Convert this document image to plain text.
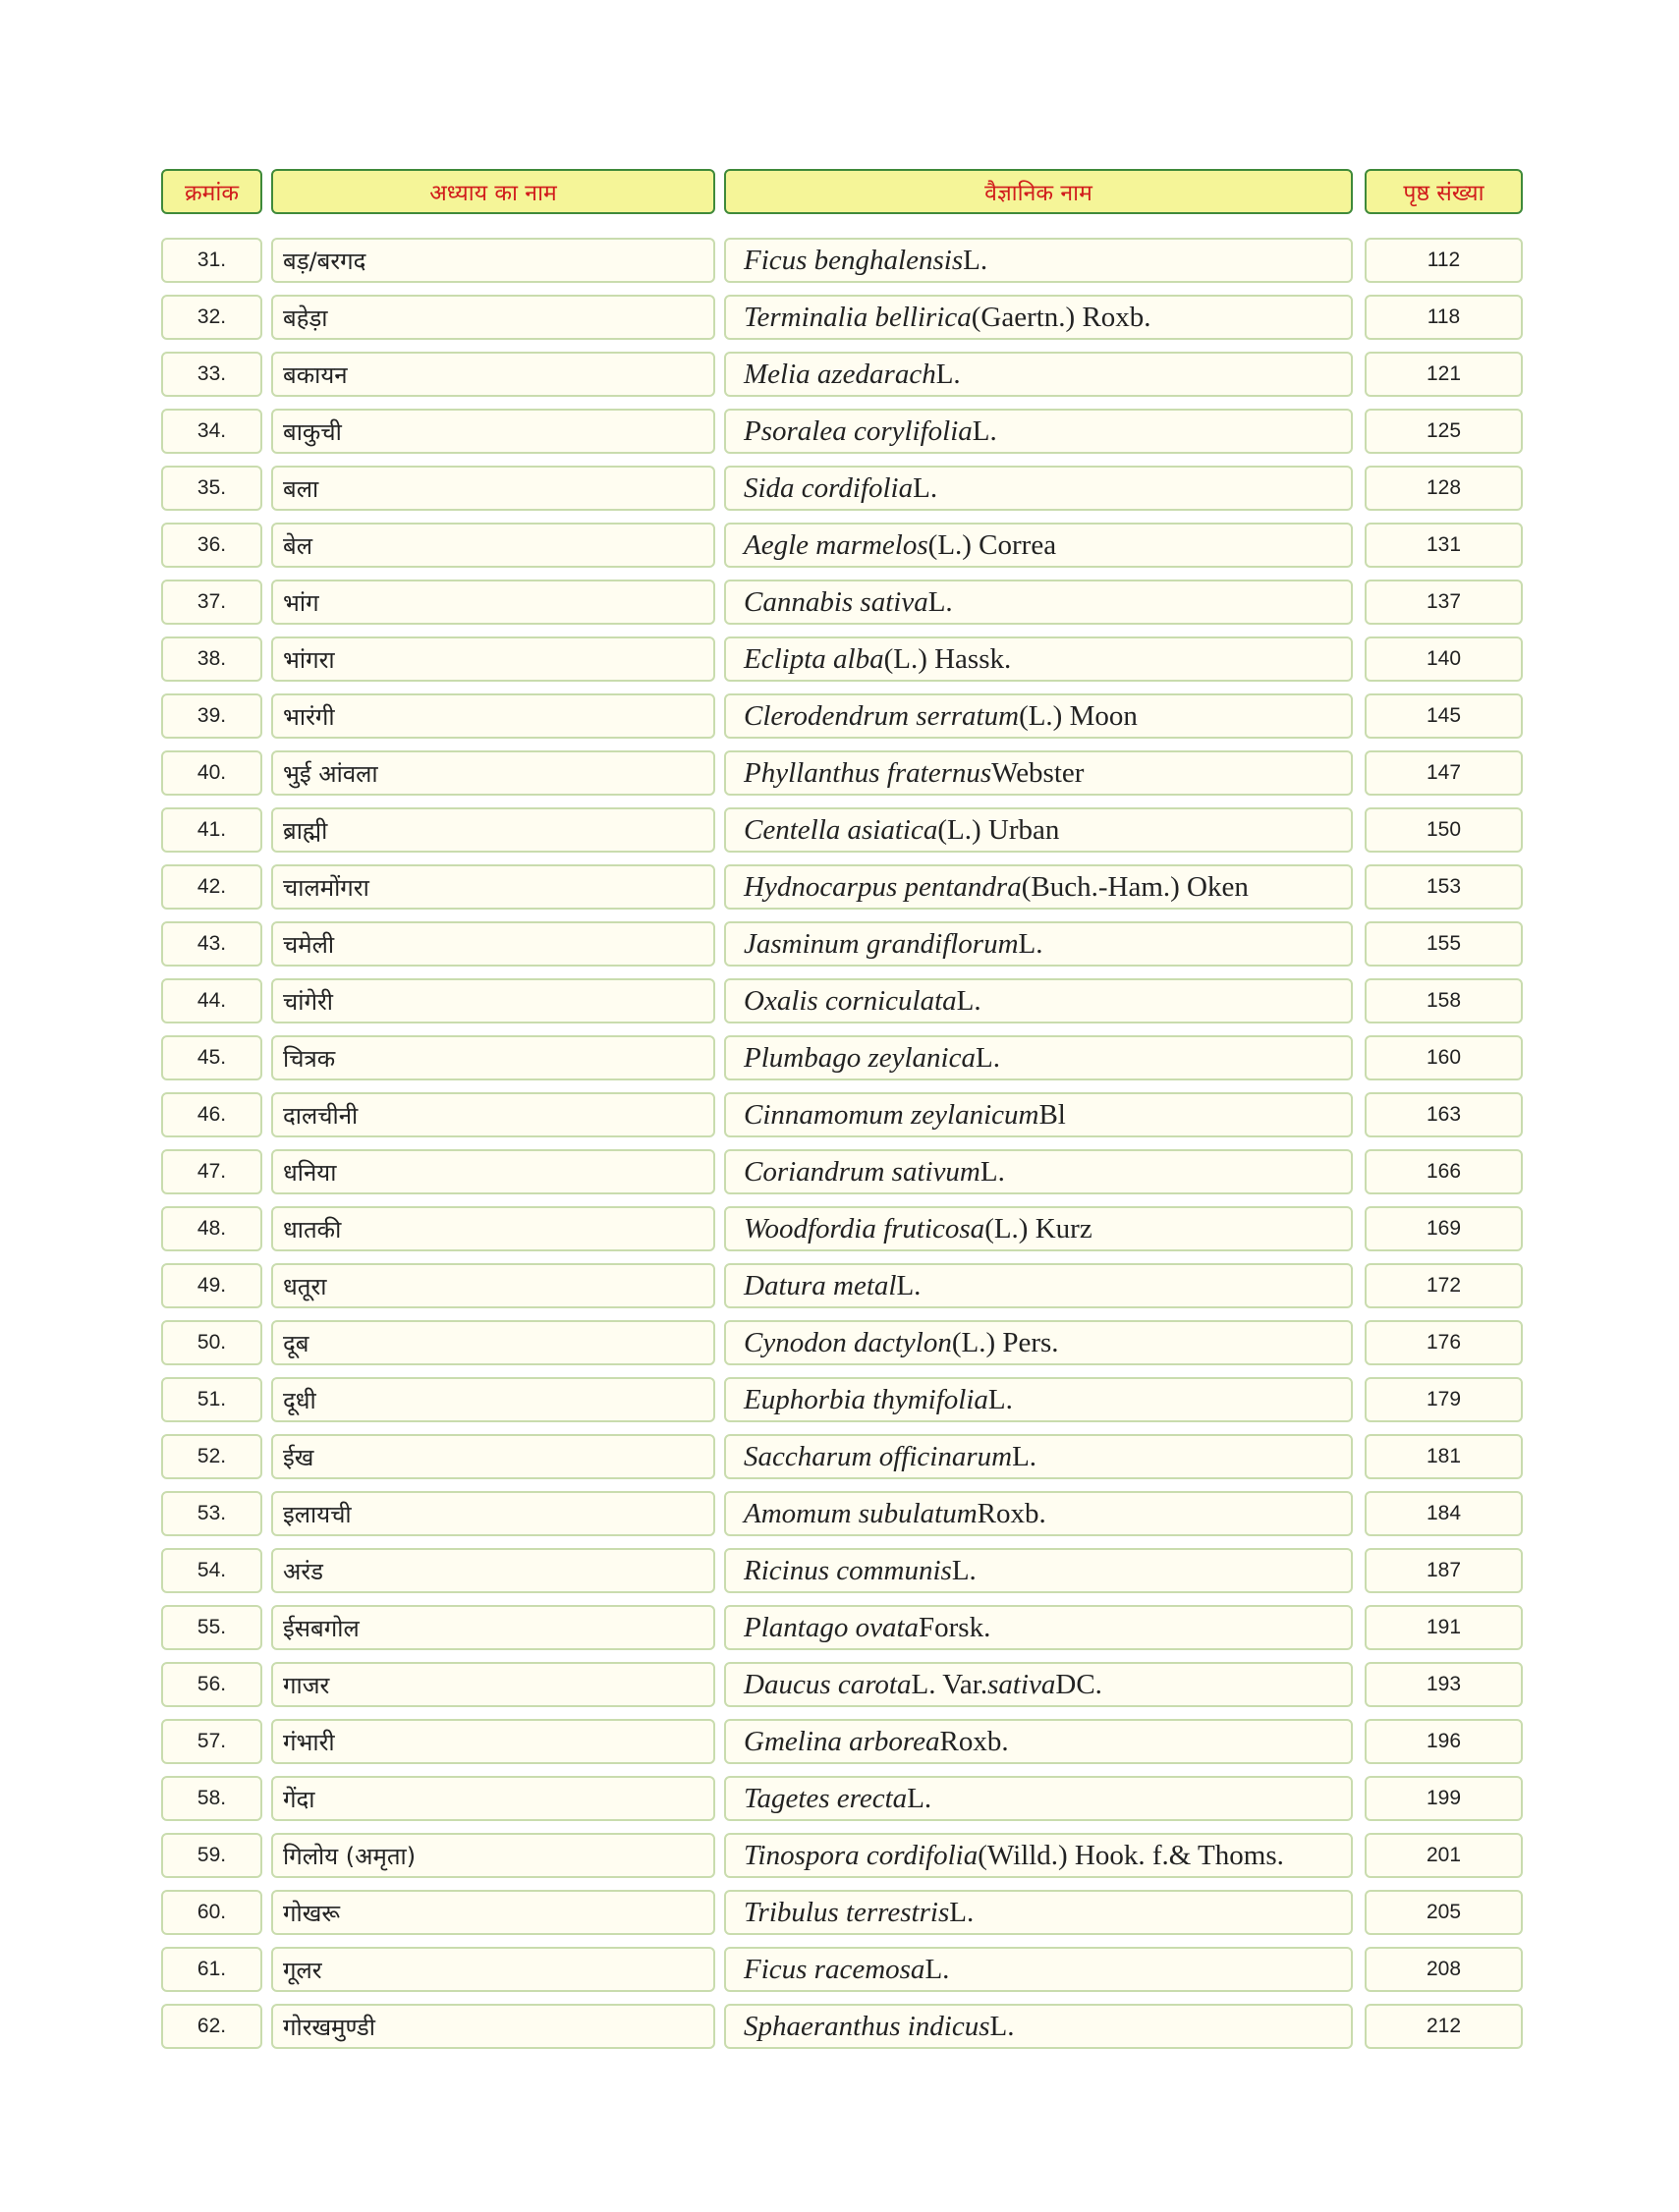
क्रमांक	अध्याय का नाम	वैज्ञानिक नाम	पृष्ठ संख्या
31.	बड़/बरगद	Ficus benghalensis L.	112
32.	बहेड़ा	Terminalia bellirica (Gaertn.) Roxb.	118
33.	बकायन	Melia azedarach L.	121
34.	बाकुची	Psoralea corylifolia L.	125
35.	बला	Sida cordifolia L.	128
36.	बेल	Aegle marmelos (L.) Correa	131
37.	भांग	Cannabis sativa L.	137
38.	भांगरा	Eclipta alba (L.) Hassk.	140
39.	भारंगी	Clerodendrum serratum (L.) Moon	145
40.	भुई आंवला	Phyllanthus fraternus Webster	147
41.	ब्राह्मी	Centella asiatica (L.) Urban	150
42.	चालमोंगरा	Hydnocarpus pentandra (Buch.-Ham.) Oken	153
43.	चमेली	Jasminum grandiflorum L.	155
44.	चांगेरी	Oxalis corniculata L.	158
45.	चित्रक	Plumbago zeylanica L.	160
46.	दालचीनी	Cinnamomum zeylanicum Bl	163
47.	धनिया	Coriandrum sativum L.	166
48.	धातकी	Woodfordia fruticosa (L.) Kurz	169
49.	धतूरा	Datura metal L.	172
50.	दूब	Cynodon dactylon (L.) Pers.	176
51.	दूधी	Euphorbia thymifolia L.	179
52.	ईख	Saccharum officinarum L.	181
53.	इलायची	Amomum subulatum Roxb.	184
54.	अरंड	Ricinus communis L.	187
55.	ईसबगोल	Plantago ovata Forsk.	191
56.	गाजर	Daucus carota L. Var. sativa DC.	193
57.	गंभारी	Gmelina arborea Roxb.	196
58.	गेंदा	Tagetes erecta L.	199
59.	गिलोय (अमृता)	Tinospora cordifolia (Willd.) Hook. f.& Thoms.	201
60.	गोखरू	Tribulus terrestris L.	205
61.	गूलर	Ficus racemosa L.	208
62.	गोरखमुण्डी	Sphaeranthus indicus L.	212
